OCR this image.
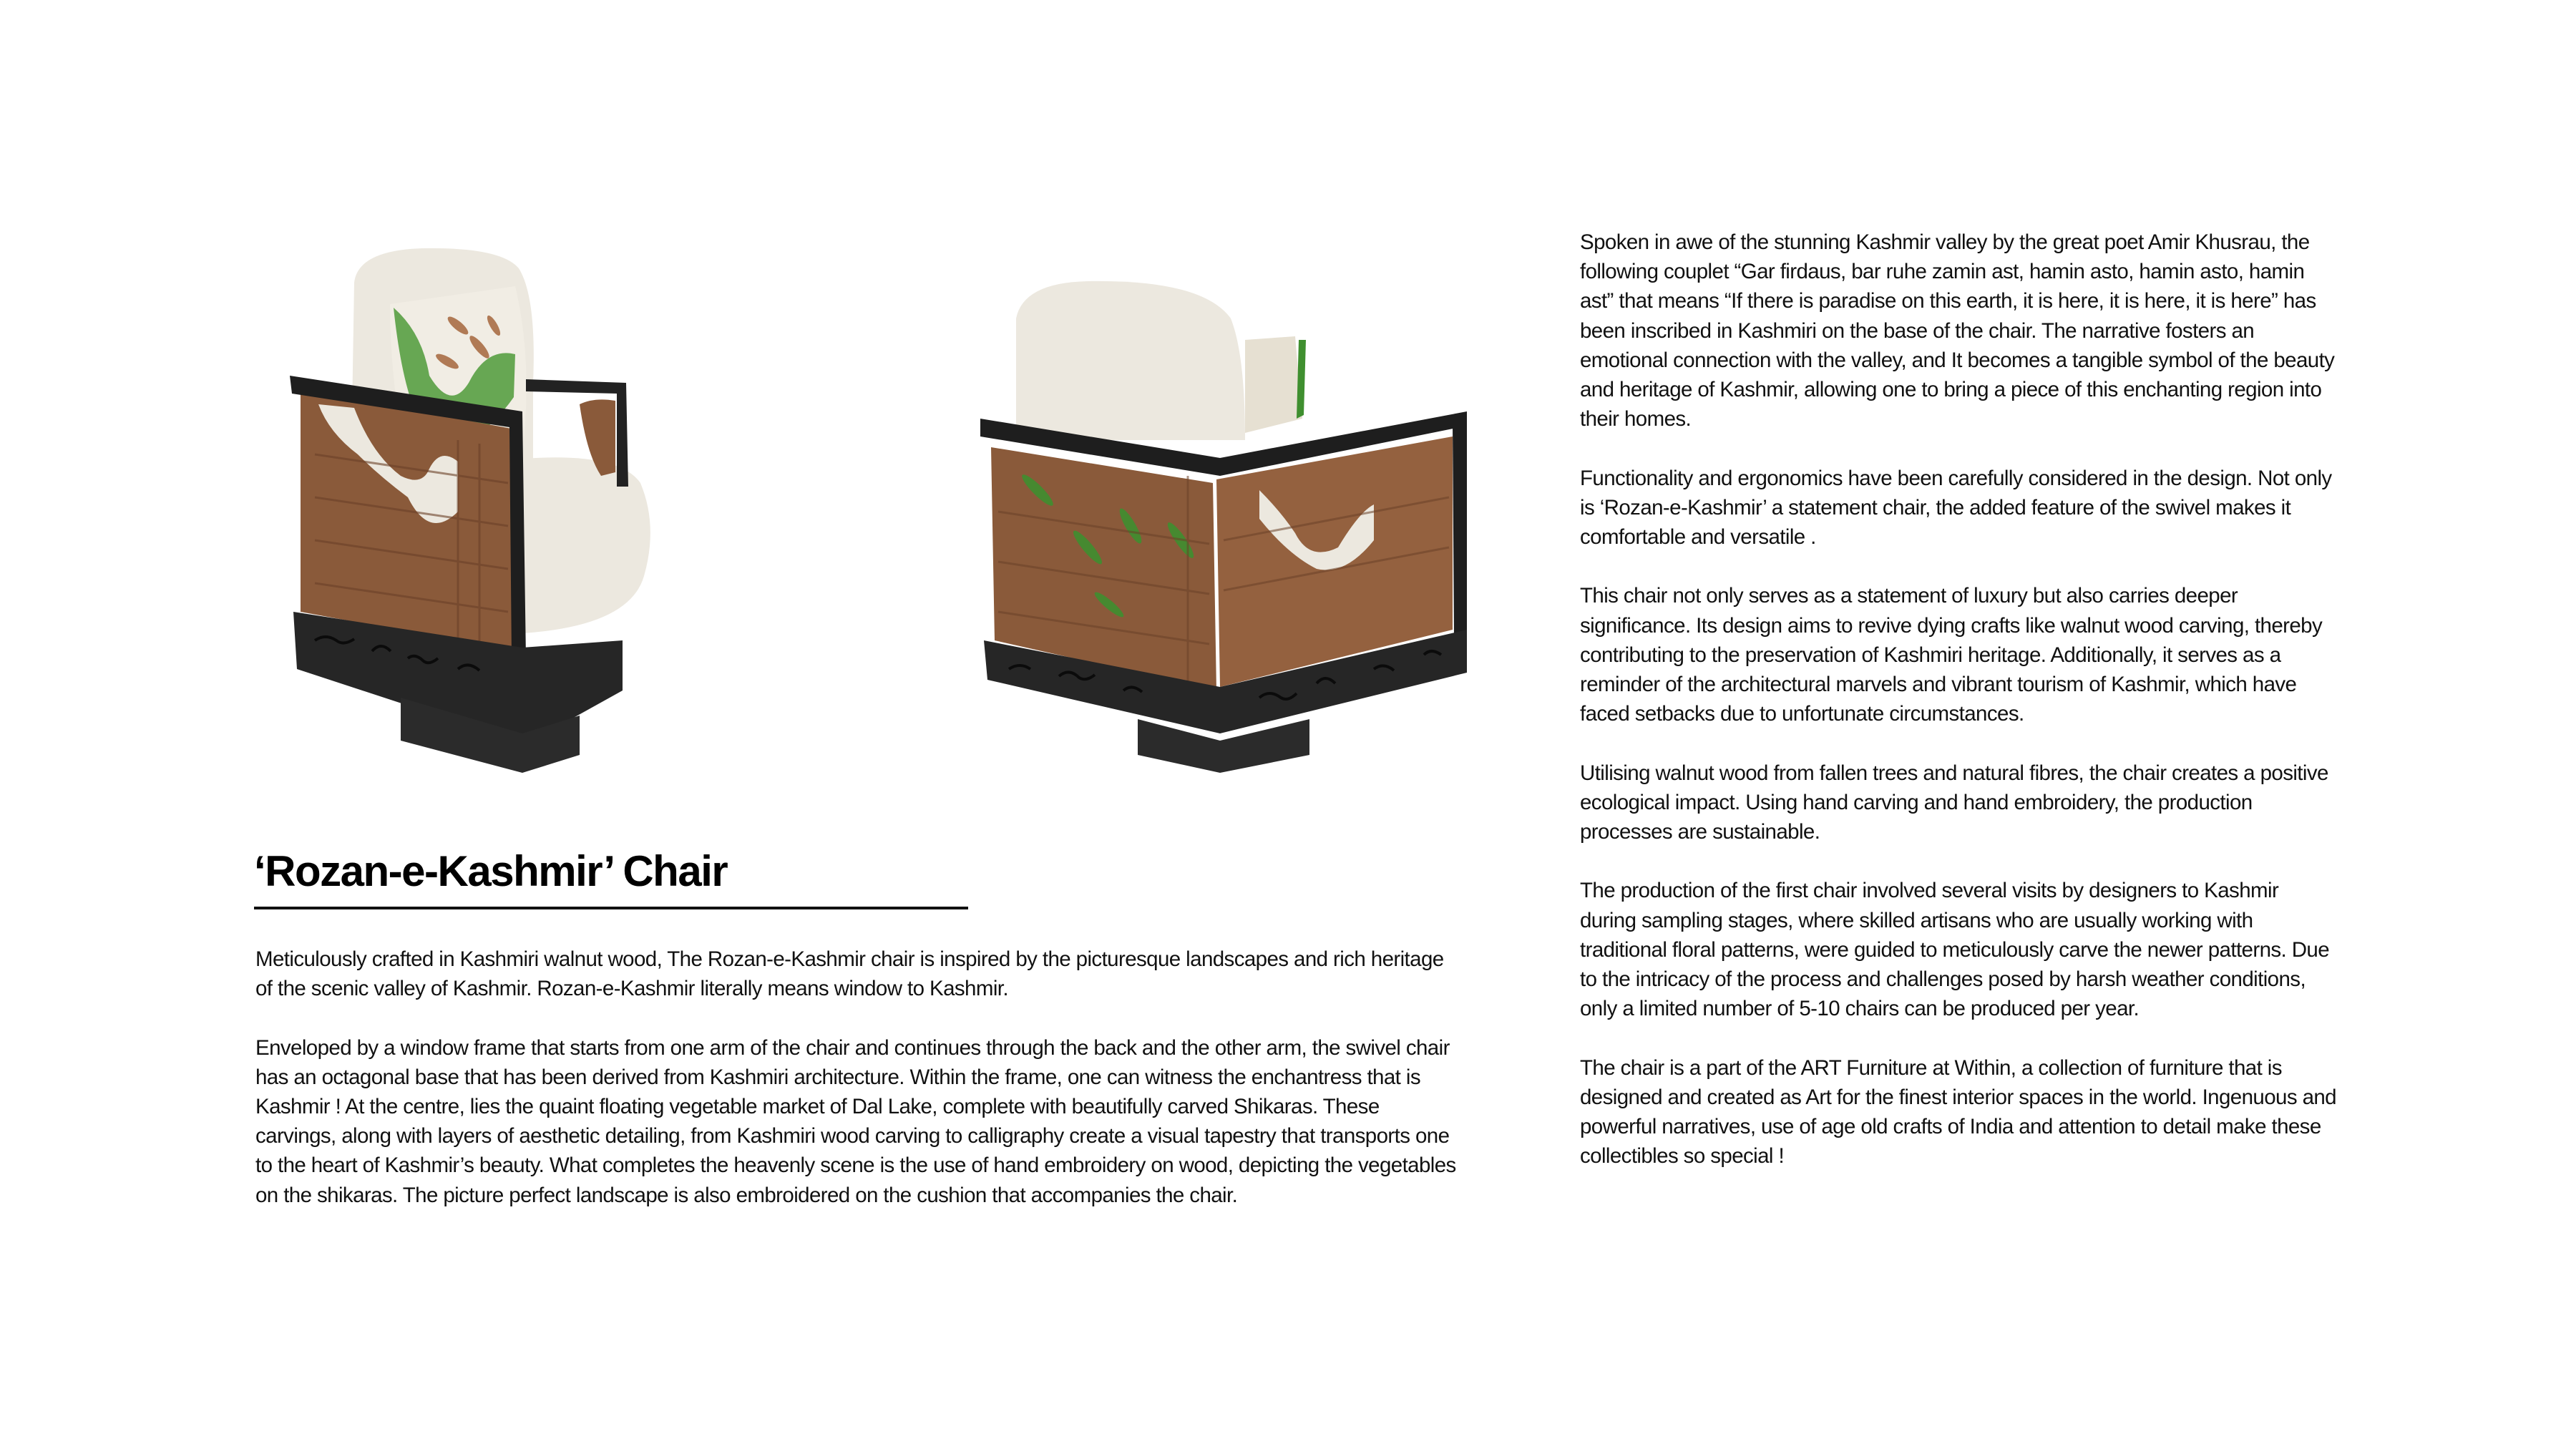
‘Rozan-e-Kashmir’ Chair

Meticulously crafted in Kashmiri walnut wood, The Rozan-e-Kashmir chair is inspired by the picturesque landscapes and rich heritage of the scenic valley of Kashmir. Rozan-e-Kashmir literally means window to Kashmir.

Enveloped by a window frame that starts from one arm of the chair and continues through the back and the other arm, the swivel chair has an octagonal base that has been derived from Kashmiri architecture. Within the frame, one can witness the enchantress that is Kashmir ! At the centre, lies the quaint floating vegetable market of Dal Lake, complete with beautifully carved Shikaras. These carvings, along with layers of aesthetic detailing, from Kashmiri wood carving to calligraphy create a visual tapestry that transports one to the heart of Kashmir’s beauty. What completes the heavenly scene is the use of hand embroidery on wood, depicting the vegetables on the shikaras. The picture perfect landscape is also embroidered on the cushion that accompanies the chair.

Spoken in awe of the stunning Kashmir valley by the great poet Amir Khusrau, the following couplet “Gar firdaus, bar ruhe zamin ast, hamin asto, hamin asto, hamin ast” that means “If there is paradise on this earth, it is here, it is here, it is here” has been inscribed in Kashmiri on the base of the chair. The narrative fosters an emotional connection with the valley, and It becomes a tangible symbol of the beauty and heritage of Kashmir, allowing one to bring a piece of this enchanting region into their homes.

Functionality and ergonomics have been carefully considered in the design. Not only is ‘Rozan-e-Kashmir’ a statement chair, the added feature of the swivel makes it comfortable and versatile .

This chair not only serves as a statement of luxury but also carries deeper significance. Its design aims to revive dying crafts like walnut wood carving, thereby contributing to the preservation of Kashmiri heritage. Additionally, it serves as a reminder of the architectural marvels and vibrant tourism of Kashmir, which have faced setbacks due to unfortunate circumstances.

Utilising walnut wood from fallen trees and natural fibres, the chair creates a positive ecological impact. Using hand carving and hand embroidery, the production processes are sustainable.

The production of the first chair involved several visits by designers to Kashmir during sampling stages, where skilled artisans who are usually working with traditional floral patterns, were guided to meticulously carve the newer patterns. Due to the intricacy of the process and challenges posed by harsh weather conditions, only a limited number of 5-10 chairs can be produced per year.

The chair is a part of the ART Furniture at Within, a collection of furniture that is designed and created as Art for the finest interior spaces in the world. Ingenuous and powerful narratives, use of age old crafts of India and attention to detail make these collectibles so special !
